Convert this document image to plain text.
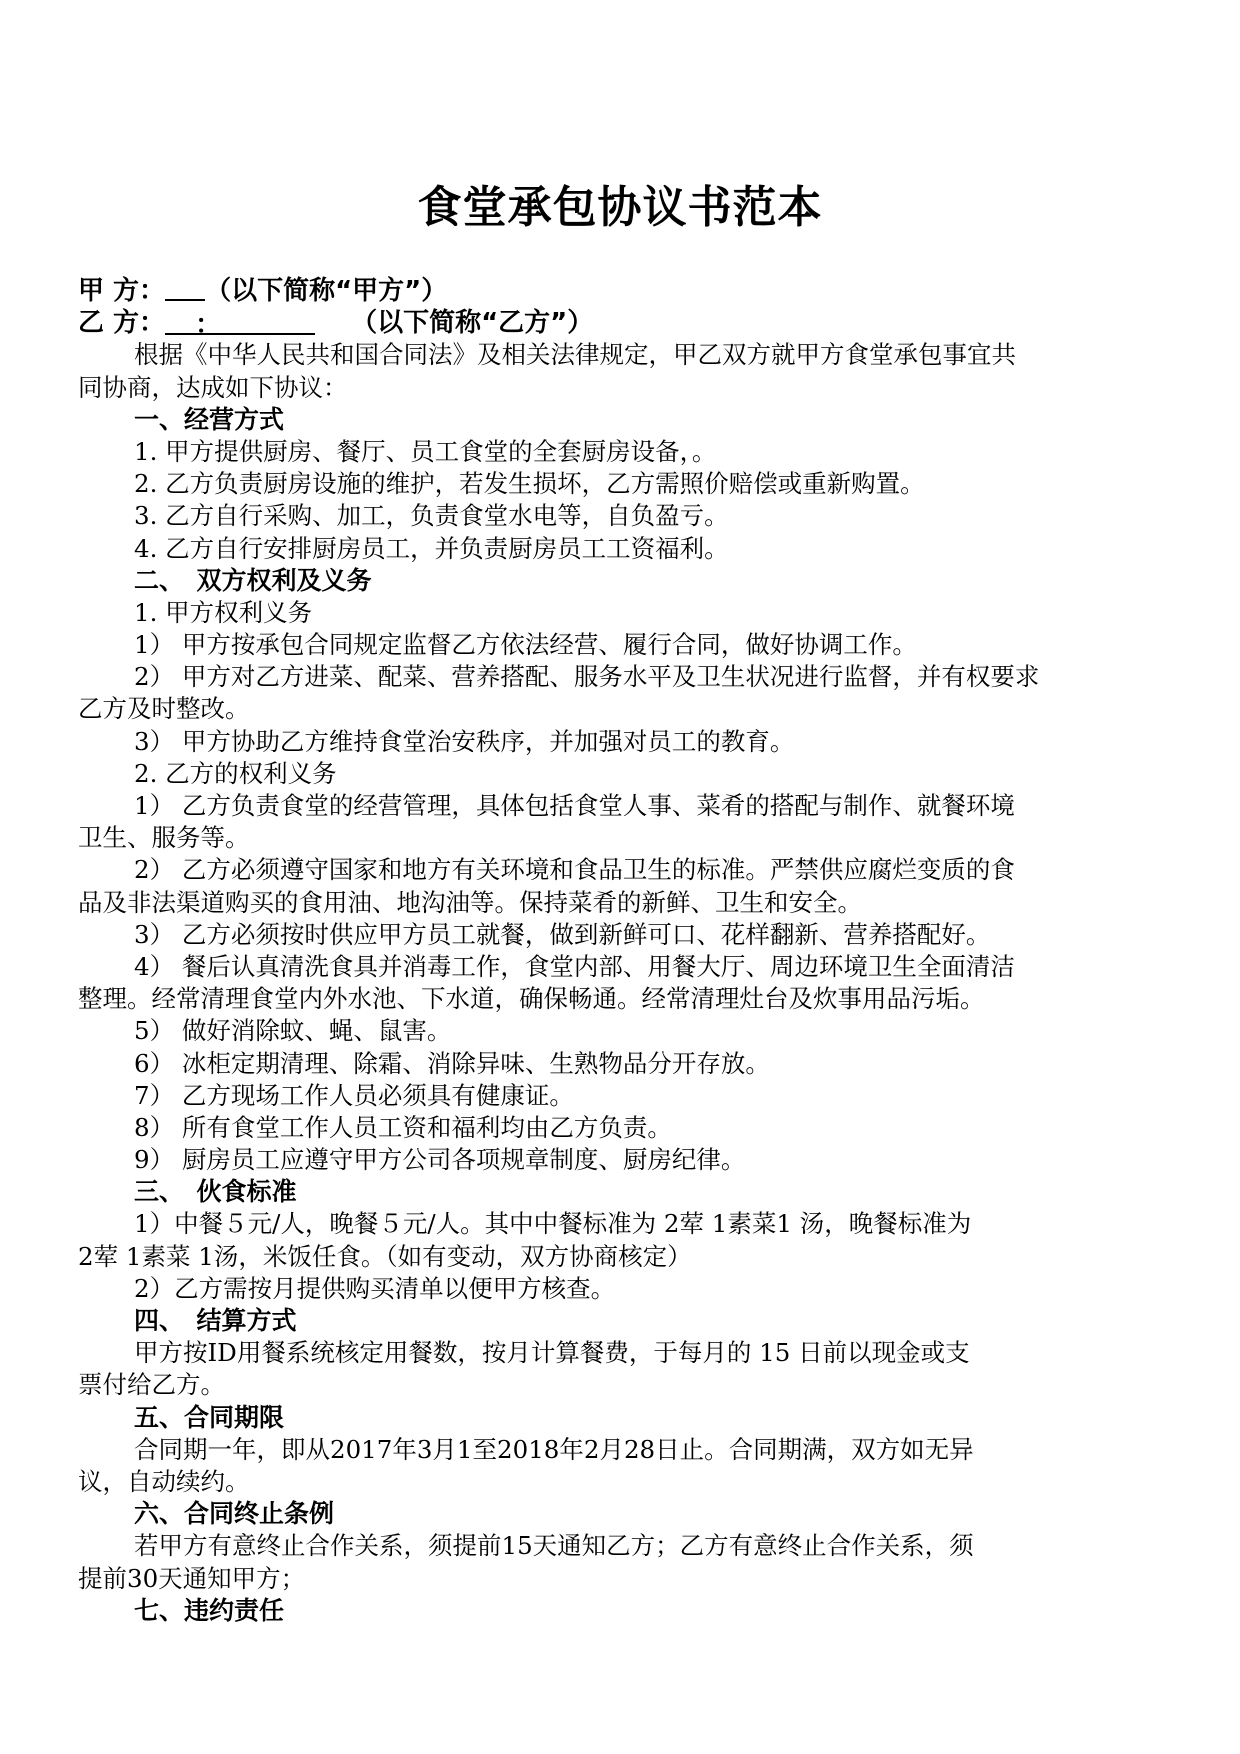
食堂承包协议书范本
甲 方： （以下简称“甲方”）
乙 方： ：	（以下简称“乙方”）
根据《中华人民共和国合同法》及相关法律规定，甲乙双方就甲方食堂承包事宜共
同协商，达成如下协议：
一、经营方式
1. 甲方提供厨房、餐厅、员工食堂的全套厨房设备，。
2. 乙方负责厨房设施的维护，若发生损坏，乙方需照价赔偿或重新购置。
3. 乙方自行采购、加工，负责食堂水电等，自负盈亏。
4. 乙方自行安排厨房员工，并负责厨房员工工资福利。
二、　双方权利及义务
1. 甲方权利义务
1） 甲方按承包合同规定监督乙方依法经营、履行合同，做好协调工作。
2） 甲方对乙方进菜、配菜、营养搭配、服务水平及卫生状况进行监督，并有权要求
乙方及时整改。
3） 甲方协助乙方维持食堂治安秩序，并加强对员工的教育。
2. 乙方的权利义务
1） 乙方负责食堂的经营管理，具体包括食堂人事、菜肴的搭配与制作、就餐环境
卫生、服务等。
2） 乙方必须遵守国家和地方有关环境和食品卫生的标准。严禁供应腐烂变质的食
品及非法渠道购买的食用油、地沟油等。保持菜肴的新鲜、卫生和安全。
3） 乙方必须按时供应甲方员工就餐，做到新鲜可口、花样翻新、营养搭配好。
4） 餐后认真清洗食具并消毒工作，食堂内部、用餐大厅、周边环境卫生全面清洁
整理。经常清理食堂内外水池、下水道，确保畅通。经常清理灶台及炊事用品污垢。
5） 做好消除蚊、蝇、鼠害。
6） 冰柜定期清理、除霜、消除异味、生熟物品分开存放。
7） 乙方现场工作人员必须具有健康证。
8） 所有食堂工作人员工资和福利均由乙方负责。
9） 厨房员工应遵守甲方公司各项规章制度、厨房纪律。
三、　伙食标准
1）中餐５元/人，晚餐５元/人。其中中餐标准为 2荤 1素菜1 汤，晚餐标准为
2荤 1素菜 1汤，米饭任食。（如有变动，双方协商核定）
2）乙方需按月提供购买清单以便甲方核查。
四、　结算方式
甲方按ID用餐系统核定用餐数，按月计算餐费，于每月的 15 日前以现金或支
票付给乙方。
五、合同期限
合同期一年，即从2017年3月1至2018年2月28日止。合同期满，双方如无异
议，自动续约。
六、合同终止条例
若甲方有意终止合作关系，须提前15天通知乙方；乙方有意终止合作关系，须
提前30天通知甲方；
七、违约责任
